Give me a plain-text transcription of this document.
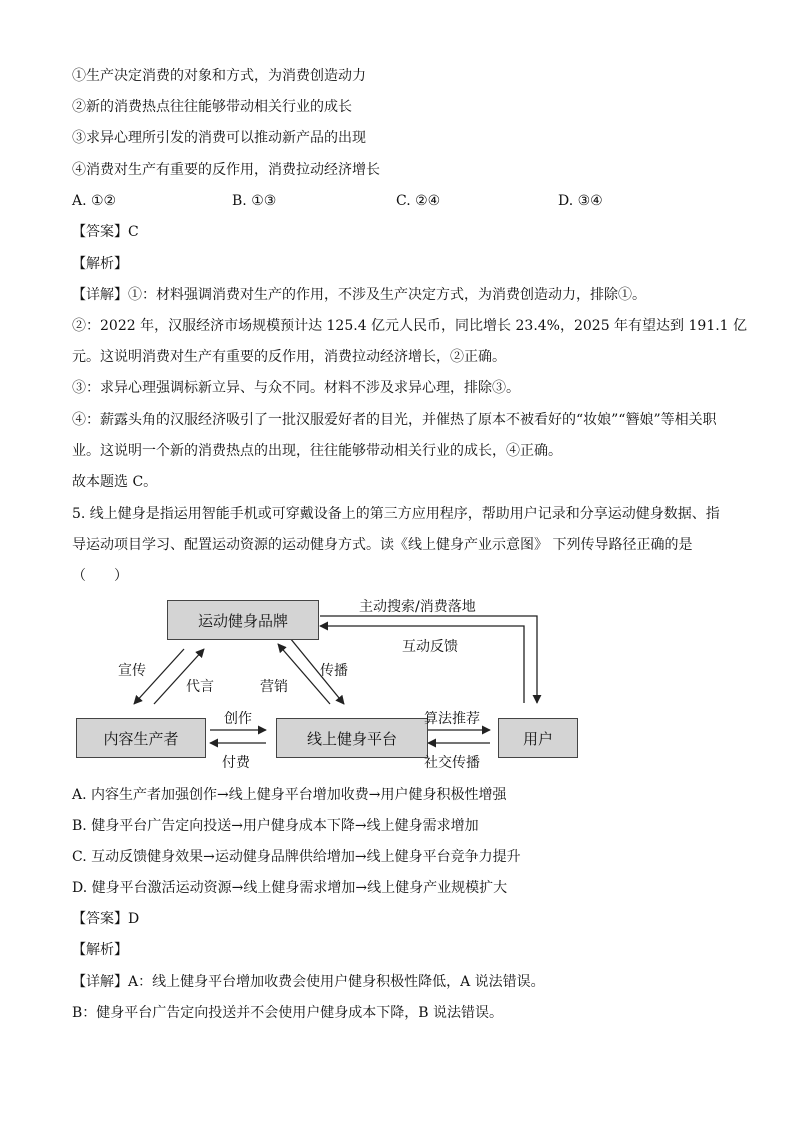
①生产决定消费的对象和方式，为消费创造动力
②新的消费热点往往能够带动相关行业的成长
③求异心理所引发的消费可以推动新产品的出现
④消费对生产有重要的反作用，消费拉动经济增长
A. ①②	B. ①③	C. ②④	D. ③④
【答案】C
【解析】
【详解】①：材料强调消费对生产的作用，不涉及生产决定方式，为消费创造动力，排除①。
②：2022 年，汉服经济市场规模预计达 125.4 亿元人民币，同比增长 23.4%，2025 年有望达到 191.1 亿
元。这说明消费对生产有重要的反作用，消费拉动经济增长，②正确。
③：求异心理强调标新立异、与众不同。材料不涉及求异心理，排除③。
④：薪露头角的汉服经济吸引了一批汉服爱好者的目光，并催热了原本不被看好的“妆娘”“簪娘”等相关职
业。这说明一个新的消费热点的出现，往往能够带动相关行业的成长，④正确。
故本题选 C。
5. 线上健身是指运用智能手机或可穿戴设备上的第三方应用程序，帮助用户记录和分享运动健身数据、指
导运动项目学习、配置运动资源的运动健身方式。读《线上健身产业示意图》 下列传导路径正确的是
（　　）
运动健身品牌
内容生产者	线上健身平台	用户
主动搜索/消费落地
互动反馈
宣传
代言	营销
传播
创作
付费
算法推荐
社交传播
A. 内容生产者加强创作→线上健身平台增加收费→用户健身积极性增强
B. 健身平台广告定向投送→用户健身成本下降→线上健身需求增加
C. 互动反馈健身效果→运动健身品牌供给增加→线上健身平台竞争力提升
D. 健身平台激活运动资源→线上健身需求增加→线上健身产业规模扩大
【答案】D
【解析】
【详解】A：线上健身平台增加收费会使用户健身积极性降低，A 说法错误。
B：健身平台广告定向投送并不会使用户健身成本下降，B 说法错误。
